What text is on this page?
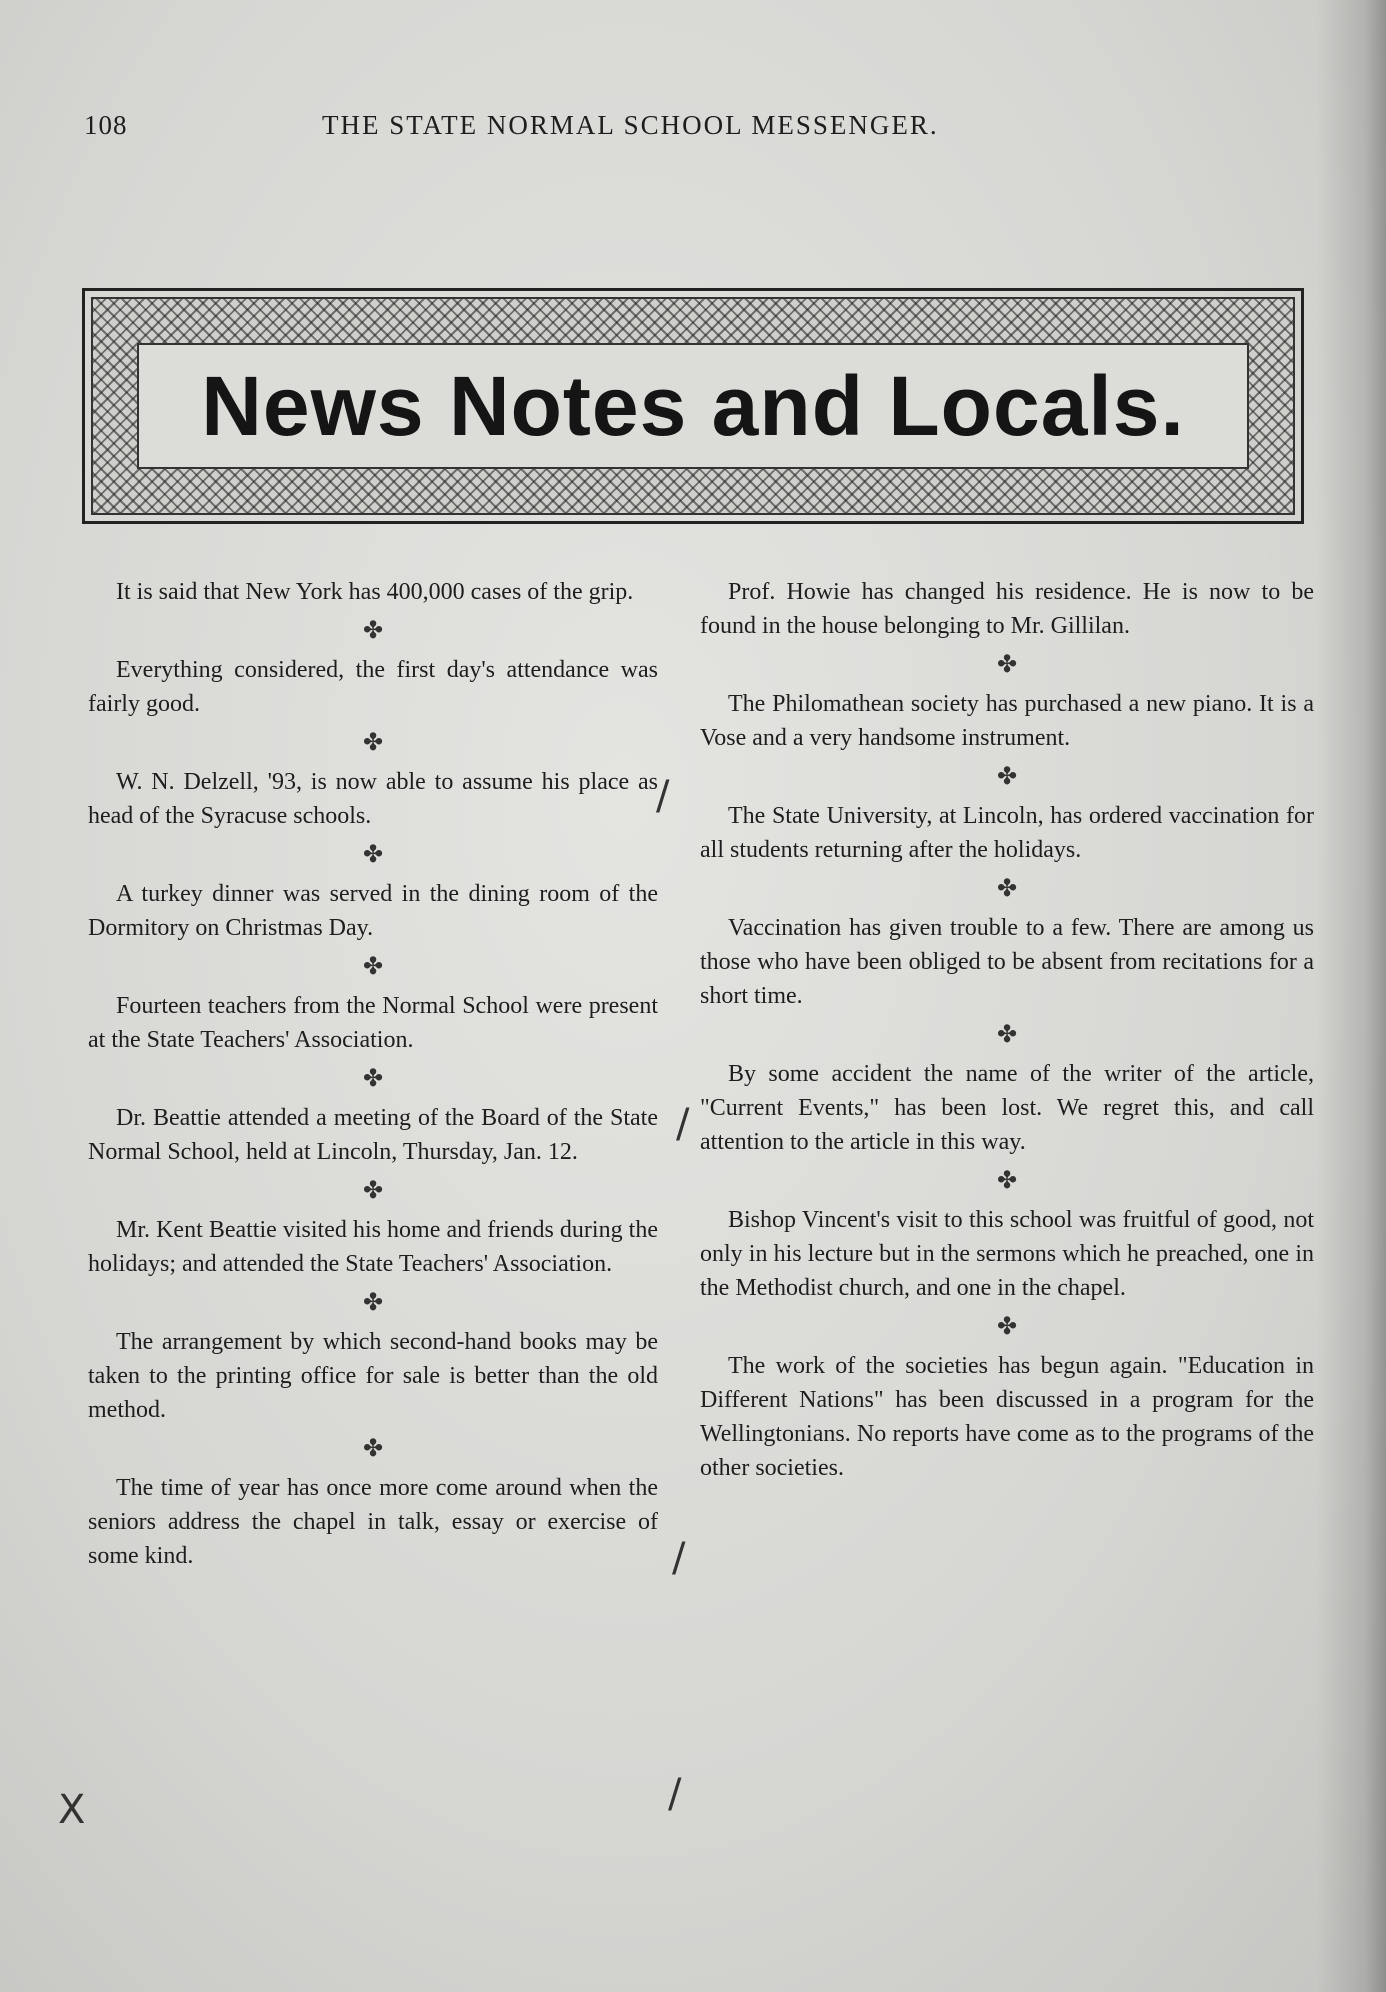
108	THE STATE NORMAL SCHOOL MESSENGER.
News Notes and Locals.

It is said that New York has 400,000 cases of the grip.

✤

Everything considered, the first day's attendance was fairly good.

✤

W. N. Delzell, '93, is now able to assume his place as head of the Syracuse schools.

✤

A turkey dinner was served in the dining room of the Dormitory on Christmas Day.

✤

Fourteen teachers from the Normal School were present at the State Teachers' Association.

✤

Dr. Beattie attended a meeting of the Board of the State Normal School, held at Lincoln, Thursday, Jan. 12.

✤

Mr. Kent Beattie visited his home and friends during the holidays; and attended the State Teachers' Association.

✤

The arrangement by which second-hand books may be taken to the printing office for sale is better than the old method.

✤

The time of year has once more come around when the seniors address the chapel in talk, essay or exercise of some kind.

Prof. Howie has changed his residence. He is now to be found in the house belonging to Mr. Gillilan.

✤

The Philomathean society has purchased a new piano. It is a Vose and a very handsome instrument.

✤

The State University, at Lincoln, has ordered vaccination for all students returning after the holidays.

✤

Vaccination has given trouble to a few. There are among us those who have been obliged to be absent from recitations for a short time.

✤

By some accident the name of the writer of the article, "Current Events," has been lost. We regret this, and call attention to the article in this way.

✤

Bishop Vincent's visit to this school was fruitful of good, not only in his lecture but in the sermons which he preached, one in the Methodist church, and one in the chapel.

✤

The work of the societies has begun again. "Education in Different Nations" has been discussed in a program for the Wellingtonians. No reports have come as to the programs of the other societies.

/
/
/
/
X
